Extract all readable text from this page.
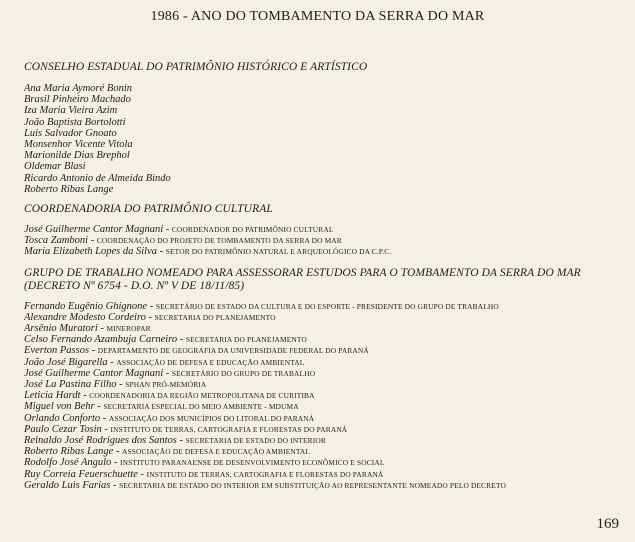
1986 - ANO DO TOMBAMENTO DA SERRA DO MAR
CONSELHO ESTADUAL DO PATRIMÔNIO HISTÓRICO E ARTÍSTICO
Ana Maria Aymoré Bonin
Brasil Pinheiro Machado
Iza Maria Vieira Azim
João Baptista Bortolotti
Luis Salvador Gnoato
Monsenhor Vicente Vitola
Marionilde Dias Brephol
Oldemar Blasi
Ricardo Antonio de Almeida Bindo
Roberto Ribas Lange
COORDENADORIA DO PATRIMÔNIO CULTURAL
José Guilherme Cantor Magnani - COORDENADOR DO PATRIMÔNIO CULTURAL
Tosca Zamboni - COORDENAÇÃO DO PROJETO DE TOMBAMENTO DA SERRA DO MAR
Maria Elizabeth Lopes da Silva - SETOR DO PATRIMÔNIO NATURAL E ARQUEOLÓGICO DA C.P.C.
GRUPO DE TRABALHO NOMEADO PARA ASSESSORAR ESTUDOS PARA O TOMBAMENTO DA SERRA DO MAR
(DECRETO Nº 6754 - D.O. Nº V DE 18/11/85)
Fernando Eugênio Ghignone - SECRETÁRIO DE ESTADO DA CULTURA E DO ESPORTE - PRESIDENTE DO GRUPO DE TRABALHO
Alexandre Modesto Cordeiro - SECRETARIA DO PLANEJAMENTO
Arsênio Muratori - MINEROPAR
Celso Fernando Azambuja Carneiro - SECRETARIA DO PLANEJAMENTO
Everton Passos - DEPARTAMENTO DE GEOGRAFIA DA UNIVERSIDADE FEDERAL DO PARANÁ
João José Bigarella - ASSOCIAÇÃO DE DEFESA E EDUCAÇÃO AMBIENTAL
José Guilherme Cantor Magnani - SECRETÁRIO DO GRUPO DE TRABALHO
José La Pastina Filho - SPHAN PRÓ-MEMÓRIA
Leticia Hardt - COORDENADORIA DA REGIÃO METROPOLITANA DE CURITIBA
Miguel von Behr - SECRETARIA ESPECIAL DO MEIO AMBIENTE - MDUMA
Orlando Conforto - ASSOCIAÇÃO DOS MUNICÍPIOS DO LITORAL DO PARANÁ
Paulo Cezar Tosin - INSTITUTO DE TERRAS, CARTOGRAFIA E FLORESTAS DO PARANÁ
Reinaldo José Rodrigues dos Santos - SECRETARIA DE ESTADO DO INTERIOR
Roberto Ribas Lange - ASSOCIAÇÃO DE DEFESA E EDUCAÇÃO AMBIENTAL
Rodolfo José Angulo - INSTITUTO PARANAENSE DE DESENVOLVIMENTO ECONÔMICO E SOCIAL
Ruy Correia Feuerschuette - INSTITUTO DE TERRAS, CARTOGRAFIA E FLORESTAS DO PARANÁ
Geraldo Luis Farias - SECRETARIA DE ESTADO DO INTERIOR EM SUBSTITUIÇÃO AO REPRESENTANTE NOMEADO PELO DECRETO
169
